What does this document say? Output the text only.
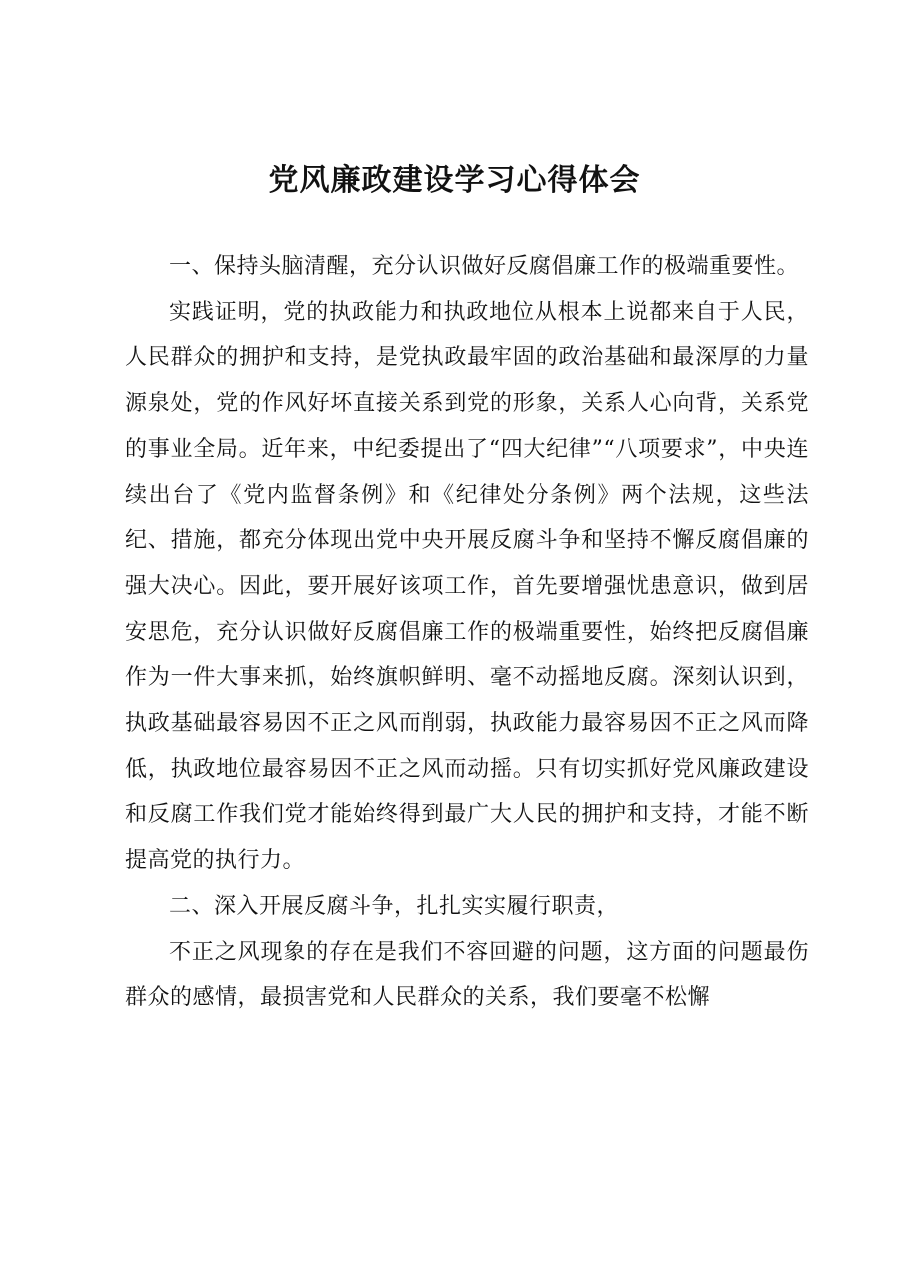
党风廉政建设学习心得体会

一、保持头脑清醒，充分认识做好反腐倡廉工作的极端重要性。

实践证明，党的执政能力和执政地位从根本上说都来自于人民，人民群众的拥护和支持，是党执政最牢固的政治基础和最深厚的力量源泉处，党的作风好坏直接关系到党的形象，关系人心向背，关系党的事业全局。近年来，中纪委提出了“四大纪律”“八项要求”，中央连续出台了《党内监督条例》和《纪律处分条例》两个法规，这些法纪、措施，都充分体现出党中央开展反腐斗争和坚持不懈反腐倡廉的强大决心。因此，要开展好该项工作，首先要增强忧患意识，做到居安思危，充分认识做好反腐倡廉工作的极端重要性，始终把反腐倡廉作为一件大事来抓，始终旗帜鲜明、毫不动摇地反腐。深刻认识到，执政基础最容易因不正之风而削弱，执政能力最容易因不正之风而降低，执政地位最容易因不正之风而动摇。只有切实抓好党风廉政建设和反腐工作我们党才能始终得到最广大人民的拥护和支持，才能不断提高党的执行力。

二、深入开展反腐斗争，扎扎实实履行职责，

不正之风现象的存在是我们不容回避的问题，这方面的问题最伤群众的感情，最损害党和人民群众的关系，我们要毫不松懈
